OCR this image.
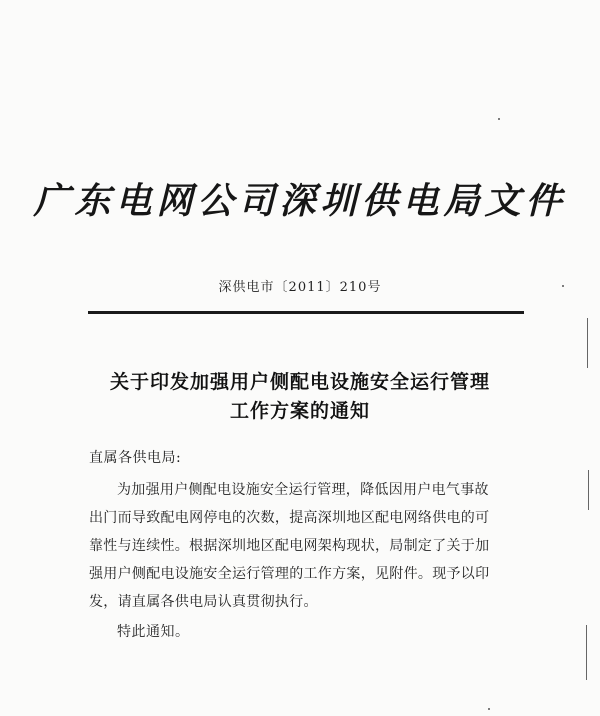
广东电网公司深圳供电局文件
深供电市〔2011〕210号
关于印发加强用户侧配电设施安全运行管理
工作方案的通知
直属各供电局:
为加强用户侧配电设施安全运行管理，降低因用户电气事故
出门而导致配电网停电的次数，提高深圳地区配电网络供电的可
靠性与连续性。根据深圳地区配电网架构现状，局制定了关于加
强用户侧配电设施安全运行管理的工作方案，见附件。现予以印
发，请直属各供电局认真贯彻执行。
特此通知。
